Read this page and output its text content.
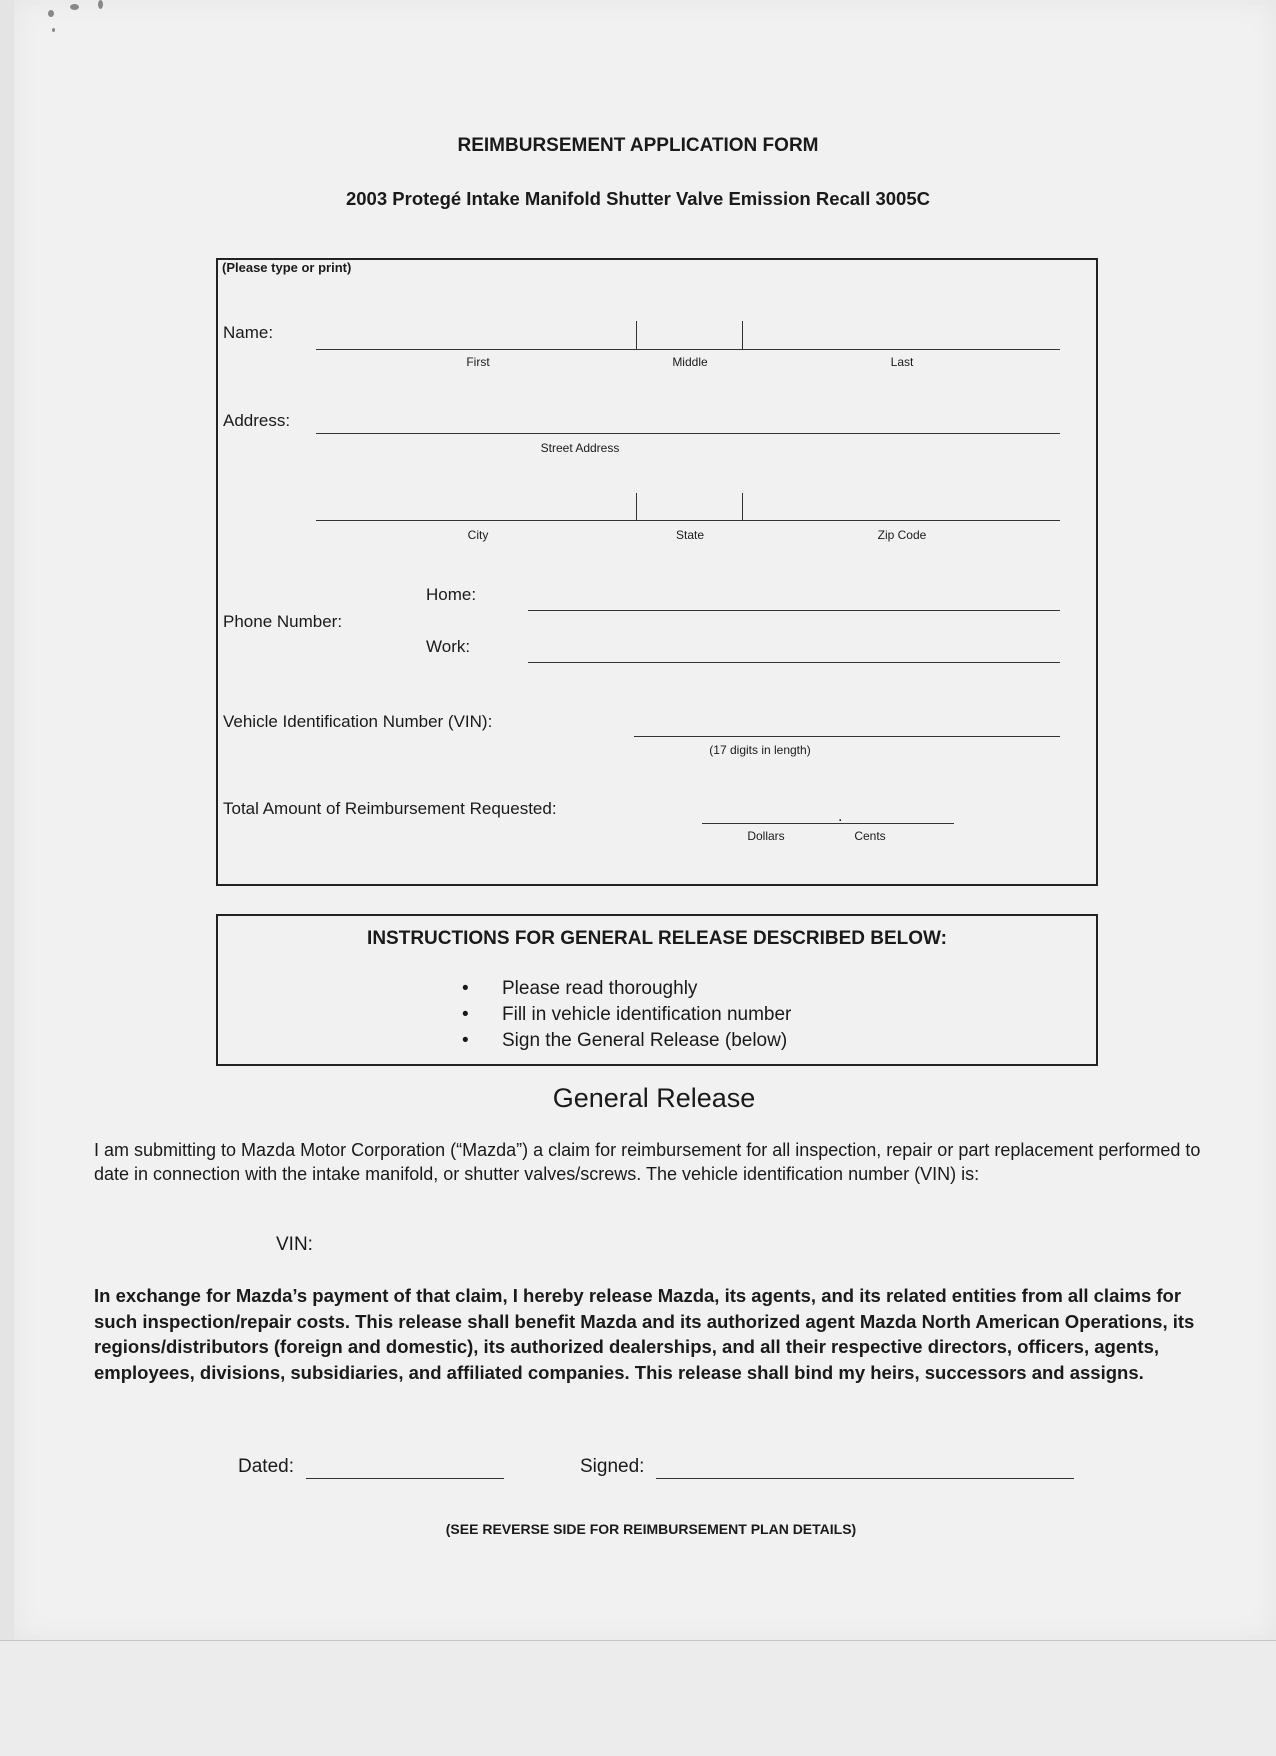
REIMBURSEMENT APPLICATION FORM
2003 Protegé Intake Manifold Shutter Valve Emission Recall 3005C
(Please type or print)
Name:
First	Middle	Last
Address:
Street Address
City	State	Zip Code
Phone Number:
Home:
Work:
Vehicle Identification Number (VIN):
(17 digits in length)
Total Amount of Reimbursement Requested:	.
Dollars	Cents
INSTRUCTIONS FOR GENERAL RELEASE DESCRIBED BELOW:
• Please read thoroughly
• Fill in vehicle identification number
• Sign the General Release (below)
General Release
I am submitting to Mazda Motor Corporation (“Mazda”) a claim for reimbursement for all inspection, repair or part replacement performed to date in connection with the intake manifold, or shutter valves/screws. The vehicle identification number (VIN) is:
VIN:
In exchange for Mazda’s payment of that claim, I hereby release Mazda, its agents, and its related entities from all claims for such inspection/repair costs. This release shall benefit Mazda and its authorized agent Mazda North American Operations, its regions/distributors (foreign and domestic), its authorized dealerships, and all their respective directors, officers, agents, employees, divisions, subsidiaries, and affiliated companies. This release shall bind my heirs, successors and assigns.
Dated:	Signed:
(SEE REVERSE SIDE FOR REIMBURSEMENT PLAN DETAILS)
